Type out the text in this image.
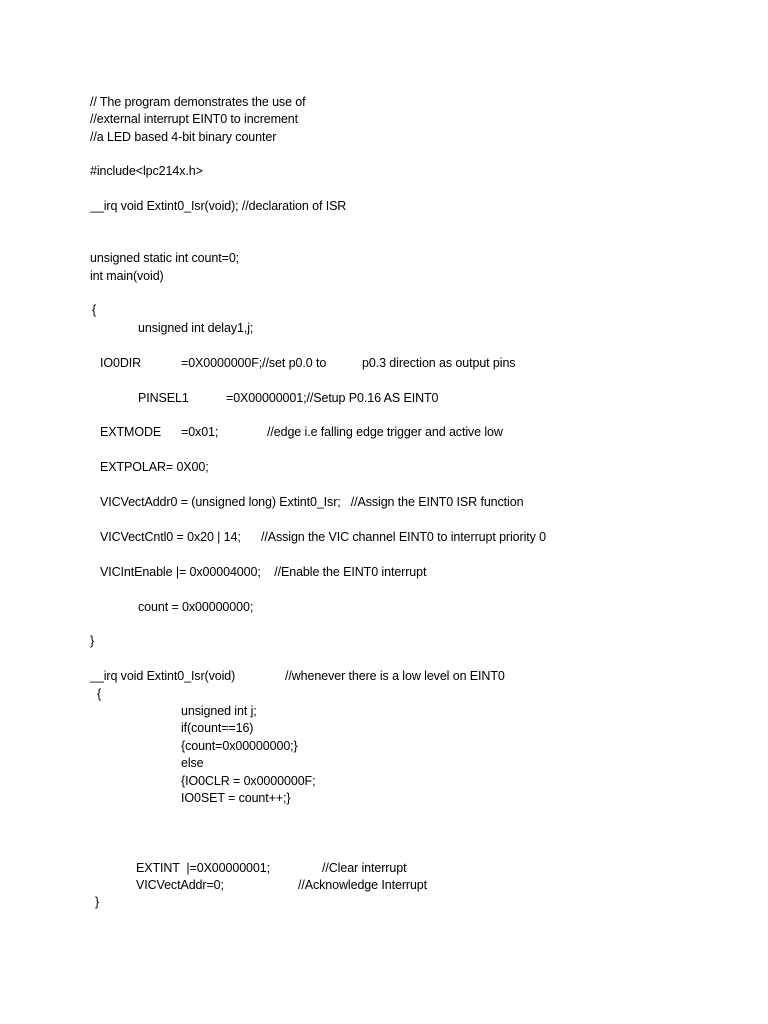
// The program demonstrates the use of
//external interrupt EINT0 to increment
//a LED based 4-bit binary counter
#include<lpc214x.h>
__irq void Extint0_Isr(void); //declaration of ISR
unsigned static int count=0;
int main(void)
{
unsigned int delay1,j;
IO0DIR	=0X0000000F;//set p0.0 to	p0.3 direction as output pins
PINSEL1	=0X00000001;//Setup P0.16 AS EINT0
EXTMODE =0x01;	//edge i.e falling edge trigger and active low
EXTPOLAR= 0X00;
VICVectAddr0 = (unsigned long) Extint0_Isr;   //Assign the EINT0 ISR function
VICVectCntl0 = 0x20 | 14;      //Assign the VIC channel EINT0 to interrupt priority 0
VICIntEnable |= 0x00004000;    //Enable the EINT0 interrupt
count = 0x00000000;
}
__irq void Extint0_Isr(void)	//whenever there is a low level on EINT0
{
unsigned int j;
if(count==16)
{count=0x00000000;}
else
{IO0CLR = 0x0000000F;
IO0SET = count++;}
EXTINT  |=0X00000001;	//Clear interrupt
VICVectAddr=0;	//Acknowledge Interrupt
}
